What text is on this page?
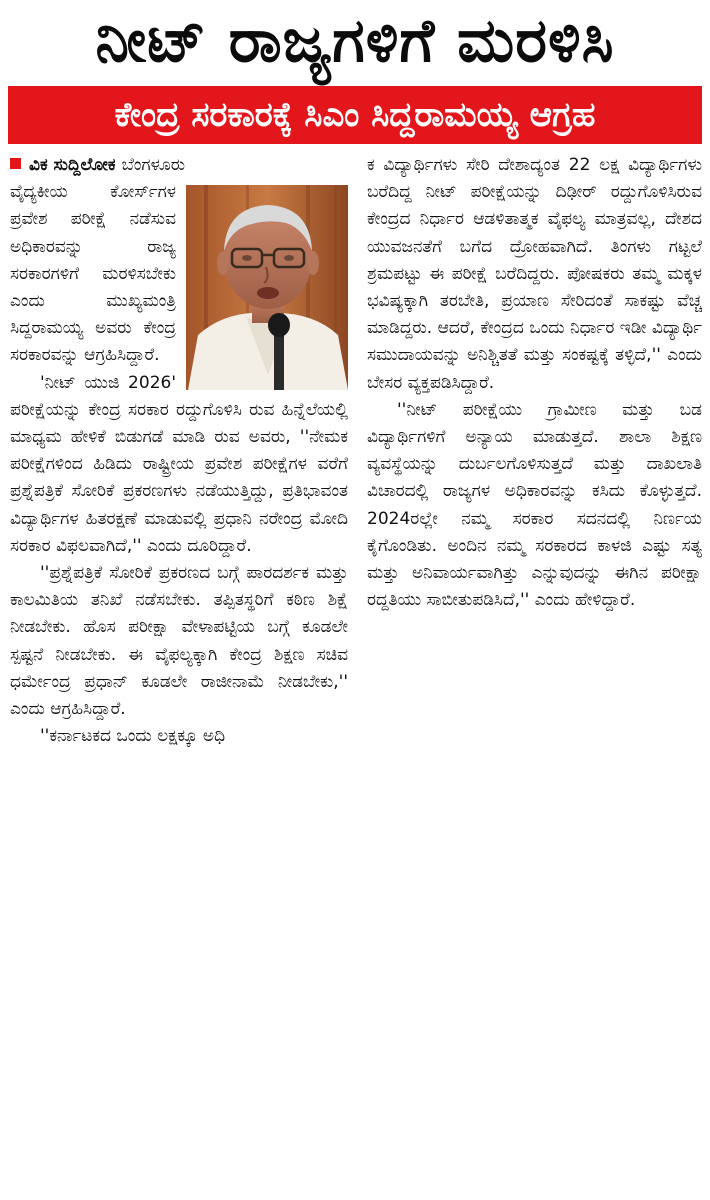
ನೀಟ್ ರಾಜ್ಯಗಳಿಗೆ ಮರಳಿಸಿ
ಕೇಂದ್ರ ಸರಕಾರಕ್ಕೆ ಸಿಎಂ ಸಿದ್ದರಾಮಯ್ಯ ಆಗ್ರಹ
ವಿಕ ಸುದ್ದಿಲೋಕ ಬೆಂಗಳೂರು

ವೈದ್ಯಕೀಯ ಕೋರ್ಸ್‌ಗಳ ಪ್ರವೇಶ ಪರೀಕ್ಷೆ ನಡೆಸುವ ಅಧಿಕಾರವನ್ನು ರಾಜ್ಯ ಸರಕಾರಗಳಿಗೆ ಮರಳಿಸಬೇಕು ಎಂದು ಮುಖ್ಯಮಂತ್ರಿ ಸಿದ್ದರಾಮಯ್ಯ ಅವರು ಕೇಂದ್ರ ಸರಕಾರವನ್ನು ಆಗ್ರಹಿಸಿದ್ದಾರೆ.

'ನೀಟ್ ಯುಜಿ 2026' ಪರೀಕ್ಷೆಯನ್ನು ಕೇಂದ್ರ ಸರಕಾರ ರದ್ದುಗೊಳಿಸಿ ರುವ ಹಿನ್ನೆಲೆಯಲ್ಲಿ ಮಾಧ್ಯಮ ಹೇಳಿಕೆ ಬಿಡುಗಡೆ ಮಾಡಿ ರುವ ಅವರು, ''ನೇಮಕ ಪರೀಕ್ಷೆಗಳಿಂದ ಹಿಡಿದು ರಾಷ್ಟ್ರೀಯ ಪ್ರವೇಶ ಪರೀಕ್ಷೆಗಳ ವರೆಗೆ ಪ್ರಶ್ನೆಪತ್ರಿಕೆ ಸೋರಿಕೆ ಪ್ರಕರಣಗಳು ನಡೆಯುತ್ತಿದ್ದು, ಪ್ರತಿಭಾವಂತ ವಿದ್ಯಾರ್ಥಿಗಳ ಹಿತರಕ್ಷಣೆ ಮಾಡುವಲ್ಲಿ ಪ್ರಧಾನಿ ನರೇಂದ್ರ ಮೋದಿ ಸರಕಾರ ವಿಫಲವಾಗಿದೆ,'' ಎಂದು ದೂರಿದ್ದಾರೆ.

''ಪ್ರಶ್ನೆಪತ್ರಿಕೆ ಸೋರಿಕೆ ಪ್ರಕರಣದ ಬಗ್ಗೆ ಪಾರದರ್ಶಕ ಮತ್ತು ಕಾಲಮಿತಿಯ ತನಿಖೆ ನಡೆಸಬೇಕು. ತಪ್ಪಿತಸ್ಥರಿಗೆ ಕಠಿಣ ಶಿಕ್ಷೆ ನೀಡಬೇಕು. ಹೊಸ ಪರೀಕ್ಷಾ ವೇಳಾಪಟ್ಟಿಯ ಬಗ್ಗೆ ಕೂಡಲೇ ಸ್ಪಷ್ಟನೆ ನೀಡಬೇಕು. ಈ ವೈಫಲ್ಯಕ್ಕಾಗಿ ಕೇಂದ್ರ ಶಿಕ್ಷಣ ಸಚಿವ ಧರ್ಮೇಂದ್ರ ಪ್ರಧಾನ್ ಕೂಡಲೇ ರಾಜೀನಾಮೆ ನೀಡಬೇಕು,'' ಎಂದು ಆಗ್ರಹಿಸಿದ್ದಾರೆ.

''ಕರ್ನಾಟಕದ ಒಂದು ಲಕ್ಷಕ್ಕೂ ಅಧಿ

ಕ ವಿದ್ಯಾರ್ಥಿಗಳು ಸೇರಿ ದೇಶಾದ್ಯಂತ 22 ಲಕ್ಷ ವಿದ್ಯಾರ್ಥಿಗಳು ಬರೆದಿದ್ದ ನೀಟ್ ಪರೀಕ್ಷೆಯನ್ನು ದಿಢೀರ್ ರದ್ದುಗೊಳಿಸಿರುವ ಕೇಂದ್ರದ ನಿರ್ಧಾರ ಆಡಳಿತಾತ್ಮಕ ವೈಫಲ್ಯ ಮಾತ್ರವಲ್ಲ, ದೇಶದ ಯುವಜನತೆಗೆ ಬಗೆದ ದ್ರೋಹವಾಗಿದೆ. ತಿಂಗಳು ಗಟ್ಟಲೆ ಶ್ರಮಪಟ್ಟು ಈ ಪರೀಕ್ಷೆ ಬರೆದಿದ್ದರು. ಪೋಷಕರು ತಮ್ಮ ಮಕ್ಕಳ ಭವಿಷ್ಯಕ್ಕಾಗಿ ತರಬೇತಿ, ಪ್ರಯಾಣ ಸೇರಿದಂತೆ ಸಾಕಷ್ಟು ವೆಚ್ಚ ಮಾಡಿದ್ದರು. ಆದರೆ, ಕೇಂದ್ರದ ಒಂದು ನಿರ್ಧಾರ ಇಡೀ ವಿದ್ಯಾರ್ಥಿ ಸಮುದಾಯವನ್ನು ಅನಿಶ್ಚಿತತೆ ಮತ್ತು ಸಂಕಷ್ಟಕ್ಕೆ ತಳ್ಳಿದೆ,'' ಎಂದು ಬೇಸರ ವ್ಯಕ್ತಪಡಿಸಿದ್ದಾರೆ.

''ನೀಟ್ ಪರೀಕ್ಷೆಯು ಗ್ರಾಮೀಣ ಮತ್ತು ಬಡ ವಿದ್ಯಾರ್ಥಿಗಳಿಗೆ ಅನ್ಯಾಯ ಮಾಡುತ್ತದೆ. ಶಾಲಾ ಶಿಕ್ಷಣ ವ್ಯವಸ್ಥೆಯನ್ನು ದುರ್ಬಲಗೊಳಿಸುತ್ತದೆ ಮತ್ತು ದಾಖಲಾತಿ ವಿಚಾರದಲ್ಲಿ ರಾಜ್ಯಗಳ ಅಧಿಕಾರವನ್ನು ಕಸಿದು ಕೊಳ್ಳುತ್ತದೆ. 2024ರಲ್ಲೇ ನಮ್ಮ ಸರಕಾರ ಸದನದಲ್ಲಿ ನಿರ್ಣಯ ಕೈಗೊಂಡಿತು. ಅಂದಿನ ನಮ್ಮ ಸರಕಾರದ ಕಾಳಜಿ ಎಷ್ಟು ಸತ್ಯ ಮತ್ತು ಅನಿವಾರ್ಯವಾಗಿತ್ತು ಎನ್ನುವುದನ್ನು ಈಗಿನ ಪರೀಕ್ಷಾ ರದ್ದತಿಯು ಸಾಬೀತುಪಡಿಸಿದೆ,'' ಎಂದು ಹೇಳಿದ್ದಾರೆ.
